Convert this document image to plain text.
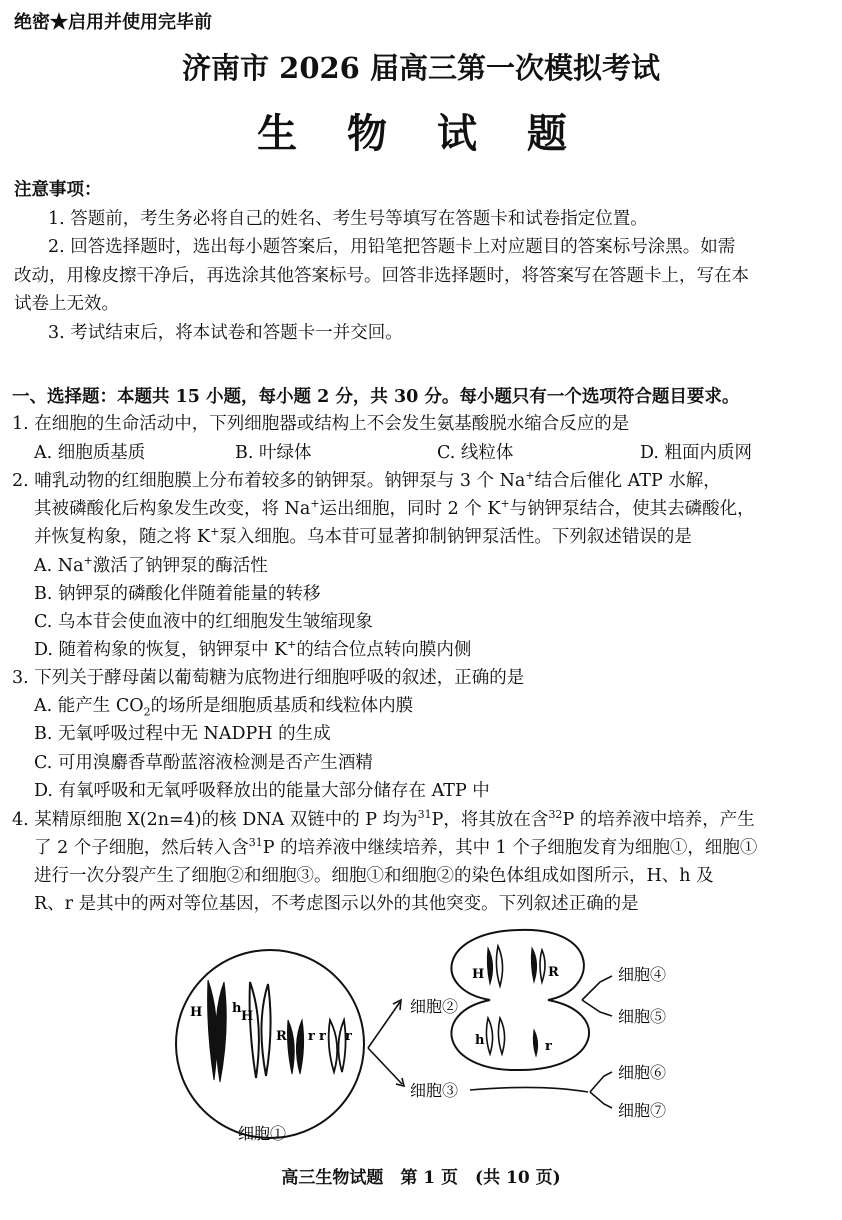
绝密★启用并使用完毕前
济南市 2026 届高三第一次模拟考试
生 物 试 题
注意事项：
1. 答题前，考生务必将自己的姓名、考生号等填写在答题卡和试卷指定位置。
2. 回答选择题时，选出每小题答案后，用铅笔把答题卡上对应题目的答案标号涂黑。如需
改动，用橡皮擦干净后，再选涂其他答案标号。回答非选择题时，将答案写在答题卡上，写在本
试卷上无效。
3. 考试结束后，将本试卷和答题卡一并交回。
一、选择题：本题共 15 小题，每小题 2 分，共 30 分。每小题只有一个选项符合题目要求。
1. 在细胞的生命活动中，下列细胞器或结构上不会发生氨基酸脱水缩合反应的是
A. 细胞质基质	B. 叶绿体	C. 线粒体	D. 粗面内质网
2. 哺乳动物的红细胞膜上分布着较多的钠钾泵。钠钾泵与 3 个 Na+结合后催化 ATP 水解，
其被磷酸化后构象发生改变，将 Na+运出细胞，同时 2 个 K+与钠钾泵结合，使其去磷酸化，
并恢复构象，随之将 K+泵入细胞。乌本苷可显著抑制钠钾泵活性。下列叙述错误的是
A. Na+激活了钠钾泵的酶活性
B. 钠钾泵的磷酸化伴随着能量的转移
C. 乌本苷会使血液中的红细胞发生皱缩现象
D. 随着构象的恢复，钠钾泵中 K+的结合位点转向膜内侧
3. 下列关于酵母菌以葡萄糖为底物进行细胞呼吸的叙述，正确的是
A. 能产生 $CO_2$的场所是细胞质基质和线粒体内膜
B. 无氧呼吸过程中无 NADPH 的生成
C. 可用溴麝香草酚蓝溶液检测是否产生酒精
D. 有氧呼吸和无氧呼吸释放出的能量大部分储存在 ATP 中
4. 某精原细胞 X(2n=4)的核 DNA 双链中的 P 均为$^{31}$P，将其放在含$^{32}$P 的培养液中培养，产生
了 2 个子细胞，然后转入含$^{31}$P 的培养液中继续培养，其中 1 个子细胞发育为细胞①，细胞①
进行一次分裂产生了细胞②和细胞③。细胞①和细胞②的染色体组成如图所示，H、h 及
R、r 是其中的两对等位基因，不考虑图示以外的其他突变。下列叙述正确的是
H h
H
R r r r
细胞①
细胞②
细胞③
H	R
h	r
细胞④
细胞⑤
细胞⑥
细胞⑦
高三生物试题　第 1 页　(共 10 页)
